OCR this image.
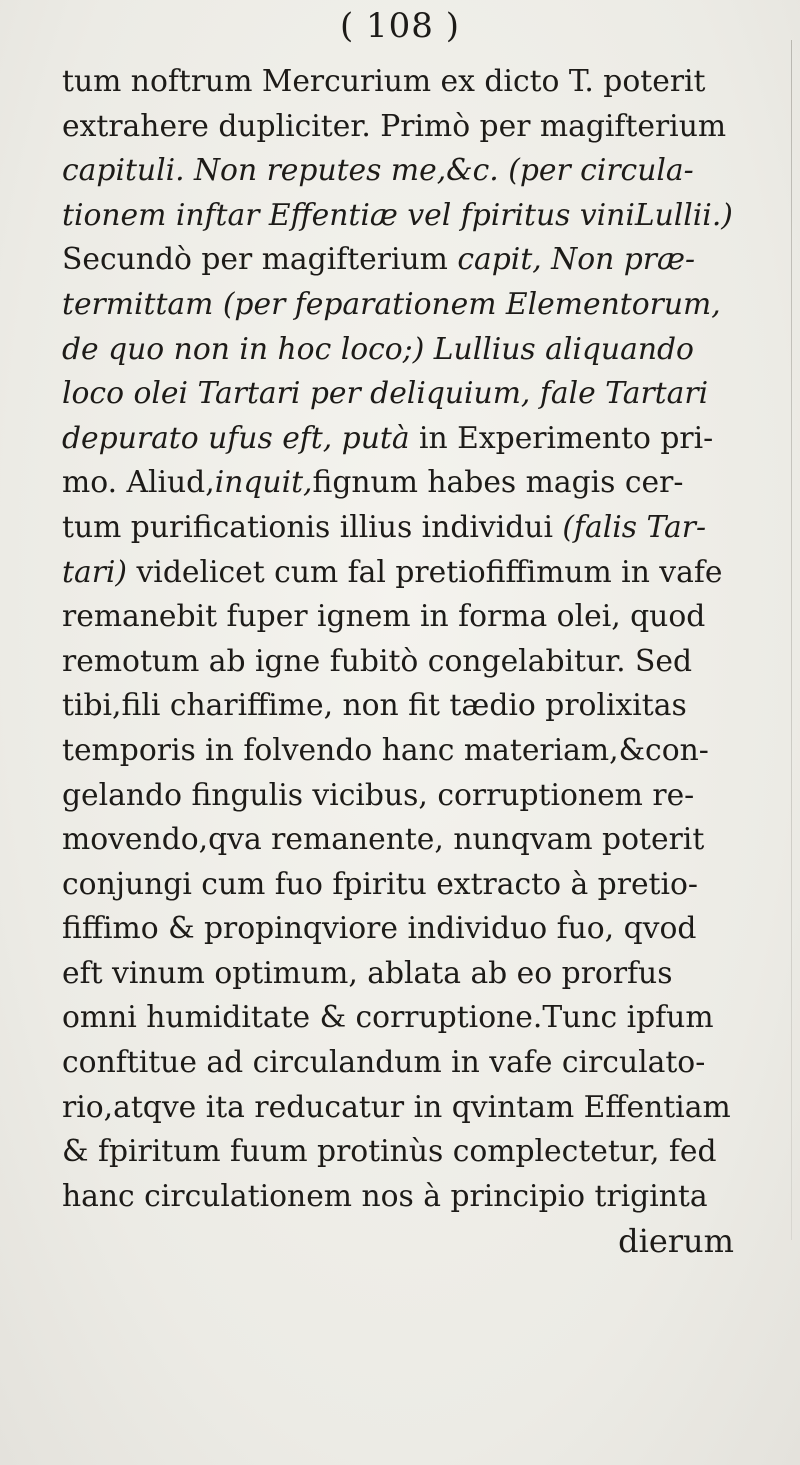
( 108 )
tum noftrum Mercurium ex dicto T. poterit
extrahere dupliciter. Primò per magifterium
capituli. Non reputes me,&c. (per circula-
tionem inftar Effentiæ vel fpiritus viniLullii.)
Secundò per magifterium capit, Non præ-
termittam (per feparationem Elementorum,
de quo non in hoc loco;) Lullius aliquando
loco olei Tartari per deliquium, fale Tartari
depurato ufus eft, putà in Experimento pri-
mo. Aliud,inquit,fignum habes magis cer-
tum purificationis illius individui (falis Tar-
tari) videlicet cum fal pretiofiffimum in vafe
remanebit fuper ignem in forma olei, quod
remotum ab igne fubitò congelabitur. Sed
tibi,fili chariffime, non fit tædio prolixitas
temporis in folvendo hanc materiam,&con-
gelando fingulis vicibus, corruptionem re-
movendo,qva remanente, nunqvam poterit
conjungi cum fuo fpiritu extracto à pretio-
fiffimo & propinqviore individuo fuo, qvod
eft vinum optimum, ablata ab eo prorfus
omni humiditate & corruptione.Tunc ipfum
conftitue ad circulandum in vafe circulato-
rio,atqve ita reducatur in qvintam Effentiam
& fpiritum fuum protinùs complectetur, fed
hanc circulationem nos à principio triginta
dierum
